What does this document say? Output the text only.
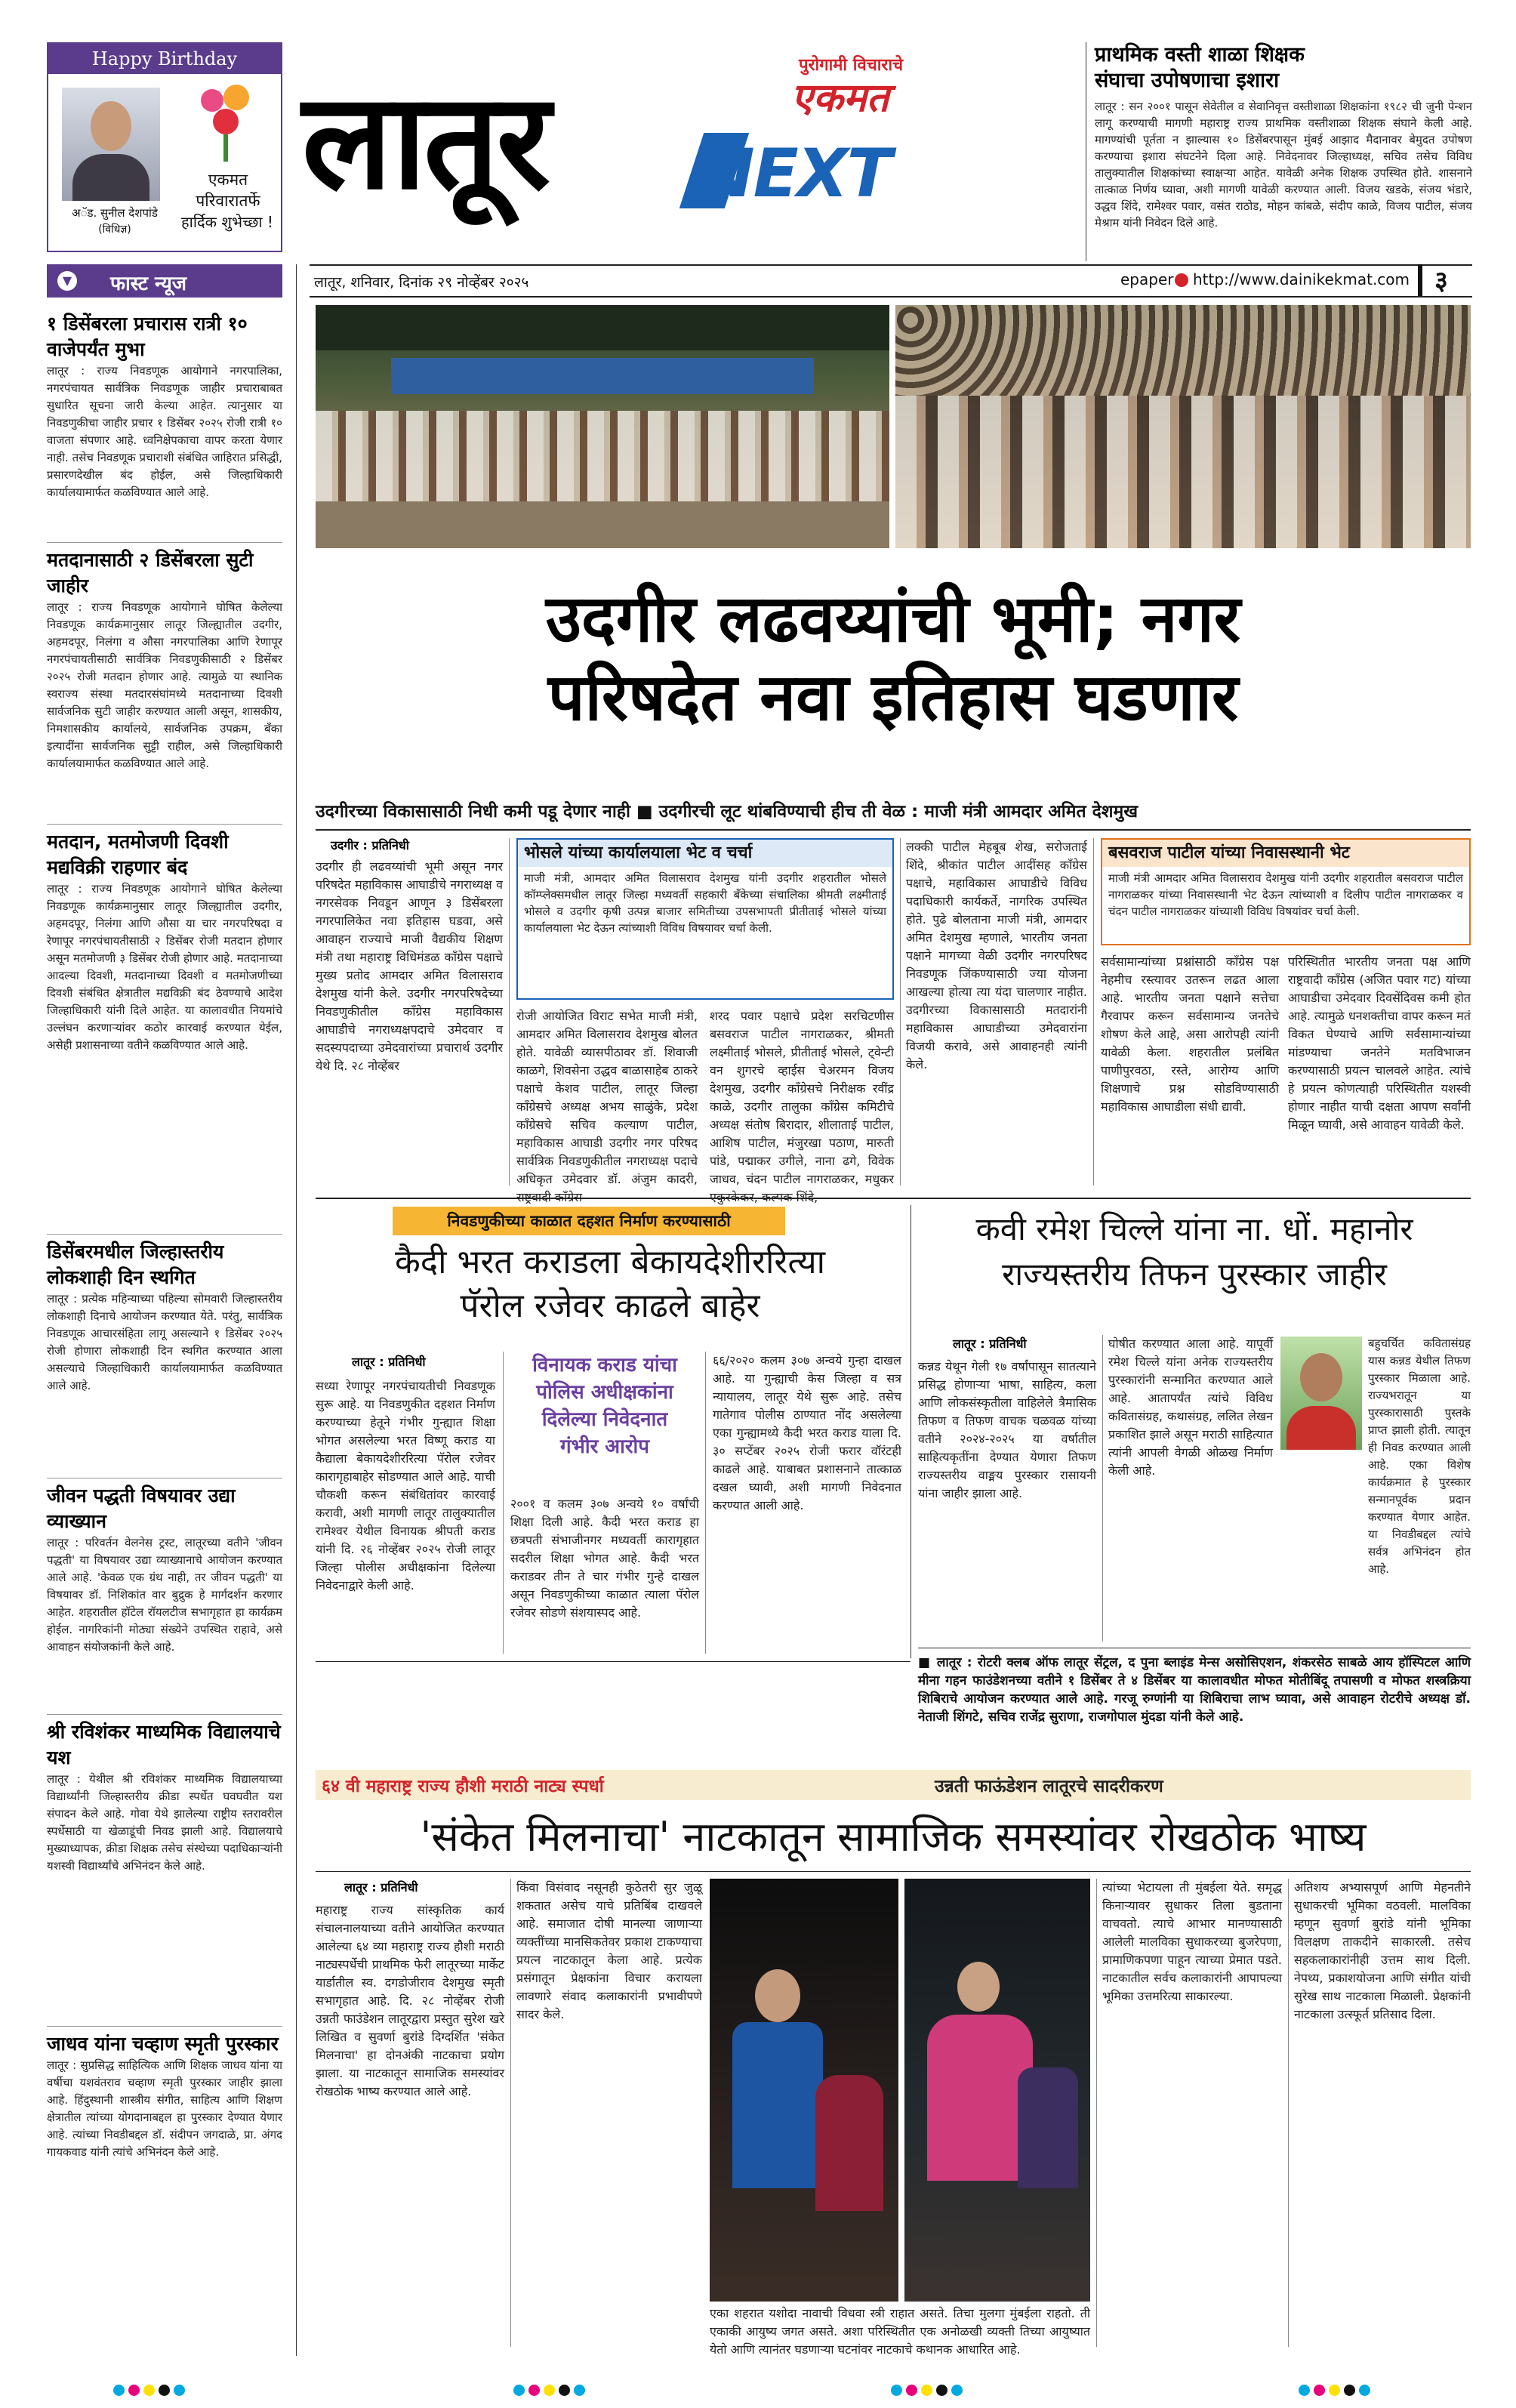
Happy Birthday
अॅड. सुनील देशपांडे
(विधिज्ञ)
एकमत
परिवारातर्फे
हार्दिक शुभेच्छा !
लातूर	पुरोगामी विचाराचे
एकमत
NEXT
प्राथमिक वस्ती शाळा शिक्षक
संघाचा उपोषणाचा इशारा
लातूर : सन २००१ पासून सेवेतील व सेवानिवृत्त वस्तीशाळा शिक्षकांना १९८२ ची जुनी पेन्शन लागू करण्याची मागणी महाराष्ट्र राज्य प्राथमिक वस्तीशाळा शिक्षक संघाने केली आहे. मागण्यांची पूर्तता न झाल्यास १० डिसेंबरपासून मुंबई आझाद मैदानावर बेमुदत उपोषण करण्याचा इशारा संघटनेने दिला आहे. निवेदनावर जिल्हाध्यक्ष, सचिव तसेच विविध तालुक्यातील शिक्षकांच्या स्वाक्षऱ्या आहेत. यावेळी अनेक शिक्षक उपस्थित होते. शासनाने तात्काळ निर्णय घ्यावा, अशी मागणी यावेळी करण्यात आली. विजय खडके, संजय भंडारे, उद्धव शिंदे, रामेश्वर पवार, वसंत राठोड, मोहन कांबळे, संदीप काळे, विजय पाटील, संजय मेश्राम यांनी निवेदन दिले आहे.
लातूर, शनिवार, दिनांक २९ नोव्हेंबर २०२५	epaper http://www.dainikekmat.com ३
▼ फास्ट न्यूज
१ डिसेंबरला प्रचारास रात्री १० वाजेपर्यंत मुभा
लातूर : राज्य निवडणूक आयोगाने नगरपालिका, नगरपंचायत सार्वत्रिक निवडणूक जाहीर प्रचाराबाबत सुधारित सूचना जारी केल्या आहेत. त्यानुसार या निवडणुकीचा जाहीर प्रचार १ डिसेंबर २०२५ रोजी रात्री १० वाजता संपणार आहे. ध्वनिक्षेपकाचा वापर करता येणार नाही. तसेच निवडणूक प्रचाराशी संबंधित जाहिरात प्रसिद्धी, प्रसारणदेखील बंद होईल, असे जिल्हाधिकारी कार्यालयामार्फत कळविण्यात आले आहे.
मतदानासाठी २ डिसेंबरला सुटी जाहीर
लातूर : राज्य निवडणूक आयोगाने घोषित केलेल्या निवडणूक कार्यक्रमानुसार लातूर जिल्ह्यातील उदगीर, अहमदपूर, निलंगा व औसा नगरपालिका आणि रेणापूर नगरपंचायतीसाठी सार्वत्रिक निवडणुकीसाठी २ डिसेंबर २०२५ रोजी मतदान होणार आहे. त्यामुळे या स्थानिक स्वराज्य संस्था मतदारसंघांमध्ये मतदानाच्या दिवशी सार्वजनिक सुटी जाहीर करण्यात आली असून, शासकीय, निमशासकीय कार्यालये, सार्वजनिक उपक्रम, बँका इत्यादींना सार्वजनिक सुट्टी राहील, असे जिल्हाधिकारी कार्यालयामार्फत कळविण्यात आले आहे.
मतदान, मतमोजणी दिवशी मद्यविक्री राहणार बंद
लातूर : राज्य निवडणूक आयोगाने घोषित केलेल्या निवडणूक कार्यक्रमानुसार लातूर जिल्ह्यातील उदगीर, अहमदपूर, निलंगा आणि औसा या चार नगरपरिषदा व रेणापूर नगरपंचायतीसाठी २ डिसेंबर रोजी मतदान होणार असून मतमोजणी ३ डिसेंबर रोजी होणार आहे. मतदानाच्या आदल्या दिवशी, मतदानाच्या दिवशी व मतमोजणीच्या दिवशी संबंधित क्षेत्रातील मद्यविक्री बंद ठेवण्याचे आदेश जिल्हाधिकारी यांनी दिले आहेत. या कालावधीत नियमांचे उल्लंघन करणाऱ्यांवर कठोर कारवाई करण्यात येईल, असेही प्रशासनाच्या वतीने कळविण्यात आले आहे.
डिसेंबरमधील जिल्हास्तरीय लोकशाही दिन स्थगित
लातूर : प्रत्येक महिन्याच्या पहिल्या सोमवारी जिल्हास्तरीय लोकशाही दिनाचे आयोजन करण्यात येते. परंतु, सार्वत्रिक निवडणूक आचारसंहिता लागू असल्याने १ डिसेंबर २०२५ रोजी होणारा लोकशाही दिन स्थगित करण्यात आला असल्याचे जिल्हाधिकारी कार्यालयामार्फत कळविण्यात आले आहे.
जीवन पद्धती विषयावर उद्या व्याख्यान
लातूर : परिवर्तन वेलनेस ट्रस्ट, लातूरच्या वतीने 'जीवन पद्धती' या विषयावर उद्या व्याख्यानाचे आयोजन करण्यात आले आहे. 'केवळ एक ग्रंथ नाही, तर जीवन पद्धती' या विषयावर डॉ. निशिकांत वार बुद्रुक हे मार्गदर्शन करणार आहेत. शहरातील हॉटेल रॉयलटीज सभागृहात हा कार्यक्रम होईल. नागरिकांनी मोठ्या संख्येने उपस्थित राहावे, असे आवाहन संयोजकांनी केले आहे.
श्री रविशंकर माध्यमिक विद्यालयाचे यश
लातूर : येथील श्री रविशंकर माध्यमिक विद्यालयाच्या विद्यार्थ्यांनी जिल्हास्तरीय क्रीडा स्पर्धेत घवघवीत यश संपादन केले आहे. गोवा येथे झालेल्या राष्ट्रीय स्तरावरील स्पर्धेसाठी या खेळाडूंची निवड झाली आहे. विद्यालयाचे मुख्याध्यापक, क्रीडा शिक्षक तसेच संस्थेच्या पदाधिकाऱ्यांनी यशस्वी विद्यार्थ्यांचे अभिनंदन केले आहे.
जाधव यांना चव्हाण स्मृती पुरस्कार
लातूर : सुप्रसिद्ध साहित्यिक आणि शिक्षक जाधव यांना या वर्षीचा यशवंतराव चव्हाण स्मृती पुरस्कार जाहीर झाला आहे. हिंदुस्थानी शास्त्रीय संगीत, साहित्य आणि शिक्षण क्षेत्रातील त्यांच्या योगदानाबद्दल हा पुरस्कार देण्यात येणार आहे. त्यांच्या निवडीबद्दल डॉ. संदीपन जगदाळे, प्रा. अंगद गायकवाड यांनी त्यांचे अभिनंदन केले आहे.
उदगीर लढवय्यांची भूमी; नगर
परिषदेत नवा इतिहास घडणार
उदगीरच्या विकासासाठी निधी कमी पडू देणार नाही ■ उदगीरची लूट थांबविण्याची हीच ती वेळ : माजी मंत्री आमदार अमित देशमुख
उदगीर : प्रतिनिधी
उदगीर ही लढवय्यांची भूमी असून नगर परिषदेत महाविकास आघाडीचे नगराध्यक्ष व नगरसेवक निवडून आणून ३ डिसेंबरला नगरपालिकेत नवा इतिहास घडवा, असे आवाहन राज्याचे माजी वैद्यकीय शिक्षण मंत्री तथा महाराष्ट्र विधिमंडळ काँग्रेस पक्षाचे मुख्य प्रतोद आमदार अमित विलासराव देशमुख यांनी केले. उदगीर नगरपरिषदेच्या निवडणुकीतील काँग्रेस महाविकास आघाडीचे नगराध्यक्षपदाचे उमेदवार व सदस्यपदाच्या उमेदवारांच्या प्रचारार्थ उदगीर येथे दि. २८ नोव्हेंबर
भोसले यांच्या कार्यालयाला भेट व चर्चा
माजी मंत्री, आमदार अमित विलासराव देशमुख यांनी उदगीर शहरातील भोसले कॉम्प्लेक्समधील लातूर जिल्हा मध्यवर्ती सहकारी बँकेच्या संचालिका श्रीमती लक्ष्मीताई भोसले व उदगीर कृषी उत्पन्न बाजार समितीच्या उपसभापती प्रीतीताई भोसले यांच्या कार्यालयाला भेट देऊन त्यांच्याशी विविध विषयावर चर्चा केली.
रोजी आयोजित विराट सभेत माजी मंत्री, आमदार अमित विलासराव देशमुख बोलत होते. यावेळी व्यासपीठावर डॉ. शिवाजी काळगे, शिवसेना उद्धव बाळासाहेब ठाकरे पक्षाचे केशव पाटील, लातूर जिल्हा काँग्रेसचे अध्यक्ष अभय साळुंके, प्रदेश काँग्रेसचे सचिव कल्याण पाटील, महाविकास आघाडी उदगीर नगर परिषद सार्वत्रिक निवडणुकीतील नगराध्यक्ष पदाचे अधिकृत उमेदवार डॉ. अंजुम कादरी,
शरद पवार पक्षाचे प्रदेश सरचिटणीस बसवराज पाटील नागराळकर, श्रीमती लक्ष्मीताई भोसले, प्रीतीताई भोसले, ट्वेन्टी वन शुगरचे व्हाईस चेअरमन विजय देशमुख, उदगीर काँग्रेसचे निरीक्षक रवींद्र काळे, उदगीर तालुका काँग्रेस कमिटीचे अध्यक्ष संतोष बिरादार, शीलाताई पाटील, आशिष पाटील, मंजुरखा पठाण, मारुती पांडे, पद्माकर उगीले, नाना ढगे, विवेक जाधव, चंदन पाटील नागराळकर, मधुकर
लक्की पाटील मेहबूब शेख, सरोजताई शिंदे, श्रीकांत पाटील आदींसह काँग्रेस पक्षाचे, महाविकास आघाडीचे विविध पदाधिकारी कार्यकर्ते, नागरिक उपस्थित होते. पुढे बोलताना माजी मंत्री, आमदार अमित देशमुख म्हणाले, भारतीय जनता पक्षाने मागच्या वेळी उदगीर नगरपरिषद निवडणूक जिंकण्यासाठी ज्या योजना आखल्या होत्या त्या यंदा चालणार नाहीत. उदगीरच्या विकासासाठी मतदारांनी महाविकास आघाडीच्या उमेदवारांना विजयी करावे, असे आवाहनही त्यांनी केले.
बसवराज पाटील यांच्या निवासस्थानी भेट
माजी मंत्री आमदार अमित विलासराव देशमुख यांनी उदगीर शहरातील बसवराज पाटील नागराळकर यांच्या निवासस्थानी भेट देऊन त्यांच्याशी व दिलीप पाटील नागराळकर व चंदन पाटील नागराळकर यांच्याशी विविध विषयांवर चर्चा केली.
सर्वसामान्यांच्या प्रश्नांसाठी काँग्रेस पक्ष नेहमीच रस्त्यावर उतरून लढत आला आहे. भारतीय जनता पक्षाने सत्तेचा गैरवापर करून सर्वसामान्य जनतेचे शोषण केले आहे, असा आरोपही त्यांनी यावेळी केला. शहरातील प्रलंबित पाणीपुरवठा, रस्ते, आरोग्य आणि शिक्षणाचे प्रश्न सोडविण्यासाठी महाविकास आघाडीला संधी द्यावी.
परिस्थितीत भारतीय जनता पक्ष आणि राष्ट्रवादी काँग्रेस (अजित पवार गट) यांच्या आघाडीचा उमेदवार दिवसेंदिवस कमी होत आहे. त्यामुळे धनशक्तीचा वापर करून मतं विकत घेण्याचे आणि सर्वसामान्यांच्या मांडण्याचा जनतेने मतविभाजन करण्यासाठी प्रयत्न चालवले आहेत. त्यांचे हे प्रयत्न कोणत्याही परिस्थितीत यशस्वी होणार नाहीत याची दक्षता आपण सर्वांनी मिळून घ्यावी, असे आवाहन यावेळी केले.
निवडणुकीच्या काळात दहशत निर्माण करण्यासाठी
कैदी भरत कराडला बेकायदेशीररित्या
पॅरोल रजेवर काढले बाहेर
लातूर : प्रतिनिधी
सध्या रेणापूर नगरपंचायतीची निवडणूक सुरू आहे. या निवडणुकीत दहशत निर्माण करण्याच्या हेतूने गंभीर गुन्ह्यात शिक्षा भोगत असलेल्या भरत विष्णू कराड या कैद्याला बेकायदेशीररित्या पॅरोल रजेवर कारागृहाबाहेर सोडण्यात आले आहे. याची चौकशी करून संबंधितांवर कारवाई करावी, अशी मागणी लातूर तालुक्यातील रामेश्वर येथील विनायक श्रीपती कराड यांनी दि. २६ नोव्हेंबर २०२५ रोजी लातूर जिल्हा पोलीस अधीक्षकांना दिलेल्या निवेदनाद्वारे केली आहे.
विनायक कराड यांचा
पोलिस अधीक्षकांना
दिलेल्या निवेदनात
गंभीर आरोप
२००१ व कलम ३०७ अन्वये १० वर्षांची शिक्षा दिली आहे. कैदी भरत कराड हा छत्रपती संभाजीनगर मध्यवर्ती कारागृहात सदरील शिक्षा भोगत आहे. कैदी भरत कराडवर तीन ते चार गंभीर गुन्हे दाखल असून निवडणुकीच्या काळात त्याला पॅरोल रजेवर सोडणे संशयास्पद आहे.
६६/२०२० कलम ३०७ अन्वये गुन्हा दाखल आहे. या गुन्ह्याची केस जिल्हा व सत्र न्यायालय, लातूर येथे सुरू आहे. तसेच गातेगाव पोलीस ठाण्यात नोंद असलेल्या एका गुन्ह्यामध्ये कैदी भरत कराड याला दि. ३० सप्टेंबर २०२५ रोजी फरार वॉरंटही काढले आहे. याबाबत प्रशासनाने तात्काळ दखल घ्यावी, अशी मागणी निवेदनात करण्यात आली आहे.
कवी रमेश चिल्ले यांना ना. धों. महानोर
राज्यस्तरीय तिफन पुरस्कार जाहीर
लातूर : प्रतिनिधी
कन्नड येथून गेली १७ वर्षांपासून सातत्याने प्रसिद्ध होणाऱ्या भाषा, साहित्य, कला आणि लोकसंस्कृतीला वाहिलेले त्रैमासिक तिफण व तिफण वाचक चळवळ यांच्या वतीने २०२४-२०२५ या वर्षातील साहित्यकृतींना देण्यात येणारा तिफण राज्यस्तरीय वाङ्मय पुरस्कार रासायनी यांना जाहीर झाला आहे.
घोषीत करण्यात आला आहे. यापूर्वी रमेश चिल्ले यांना अनेक राज्यस्तरीय पुरस्कारांनी सन्मानित करण्यात आले आहे. आतापर्यंत त्यांचे विविध कवितासंग्रह, कथासंग्रह, ललित लेखन प्रकाशित झाले असून मराठी साहित्यात त्यांनी आपली वेगळी ओळख निर्माण केली आहे.
बहुचर्चित कवितासंग्रह यास कन्नड येथील तिफण पुरस्कार मिळाला आहे. राज्यभरातून या पुरस्कारासाठी पुस्तके प्राप्त झाली होती. त्यातून ही निवड करण्यात आली आहे. एका विशेष कार्यक्रमात हे पुरस्कार सन्मानपूर्वक प्रदान करण्यात येणार आहेत. या निवडीबद्दल त्यांचे सर्वत्र अभिनंदन होत आहे.
■ लातूर : रोटरी क्लब ऑफ लातूर सेंट्रल, द पुना ब्लाइंड मेन्स असोसिएशन, शंकरसेठ साबळे आय हॉस्पिटल आणि मीना गहन फाउंडेशनच्या वतीने १ डिसेंबर ते ४ डिसेंबर या कालावधीत मोफत मोतीबिंदू तपासणी व मोफत शस्त्रक्रिया शिबिराचे आयोजन करण्यात आले आहे. गरजू रुग्णांनी या शिबिराचा लाभ घ्यावा, असे आवाहन रोटरीचे अध्यक्ष डॉ. नेताजी शिंगटे, सचिव राजेंद्र सुराणा, राजगोपाल मुंदडा यांनी केले आहे.
६४ वी महाराष्ट्र राज्य हौशी मराठी नाट्य स्पर्धा	उन्नती फाऊंडेशन लातूरचे सादरीकरण
'संकेत मिलनाचा' नाटकातून सामाजिक समस्यांवर रोखठोक भाष्य
लातूर : प्रतिनिधी
महाराष्ट्र राज्य सांस्कृतिक कार्य संचालनालयाच्या वतीने आयोजित करण्यात आलेल्या ६४ व्या महाराष्ट्र राज्य हौशी मराठी नाट्यस्पर्धेची प्राथमिक फेरी लातूरच्या मार्केट यार्डातील स्व. दगडोजीराव देशमुख स्मृती सभागृहात आहे. दि. २८ नोव्हेंबर रोजी उन्नती फाउंडेशन लातूरद्वारा प्रस्तुत सुरेश खरे लिखित व सुवर्णा बुरांडे दिग्दर्शित 'संकेत मिलनाचा' हा दोनअंकी नाटकाचा प्रयोग झाला. या नाटकातून सामाजिक समस्यांवर रोखठोक भाष्य करण्यात आले आहे.
किंवा विसंवाद नसूनही कुठेतरी सुर जुळू शकतात असेच याचे प्रतिबिंब दाखवले आहे. समाजात दोषी मानल्या जाणाऱ्या व्यक्तींच्या मानसिकतेवर प्रकाश टाकण्याचा प्रयत्न नाटकातून केला आहे. प्रत्येक प्रसंगातून प्रेक्षकांना विचार करायला लावणारे संवाद कलाकारांनी प्रभावीपणे सादर केले.
एका शहरात यशोदा नावाची विधवा स्त्री राहात असते. तिचा मुलगा मुंबईला राहतो. ती एकाकी आयुष्य जगत असते. अशा परिस्थितीत एक अनोळखी व्यक्ती तिच्या आयुष्यात येतो आणि त्यानंतर घडणाऱ्या घटनांवर नाटकाचे कथानक आधारित आहे.
त्यांच्या भेटायला ती मुंबईला येते. समृद्ध किनाऱ्यावर सुधाकर तिला बुडताना वाचवतो. त्याचे आभार मानण्यासाठी आलेली मालविका सुधाकरच्या बुजरेपणा, प्रामाणिकपणा पाहून त्याच्या प्रेमात पडते. नाटकातील सर्वच कलाकारांनी आपापल्या भूमिका उत्तमरित्या साकारल्या.
अतिशय अभ्यासपूर्ण आणि मेहनतीने सुधाकरची भूमिका वठवली. मालविका म्हणून सुवर्णा बुरांडे यांनी भूमिका विलक्षण ताकदीने साकारली. तसेच सहकलाकारांनीही उत्तम साथ दिली. नेपथ्य, प्रकाशयोजना आणि संगीत यांची सुरेख साथ नाटकाला मिळाली. प्रेक्षकांनी नाटकाला उत्स्फूर्त प्रतिसाद दिला.
